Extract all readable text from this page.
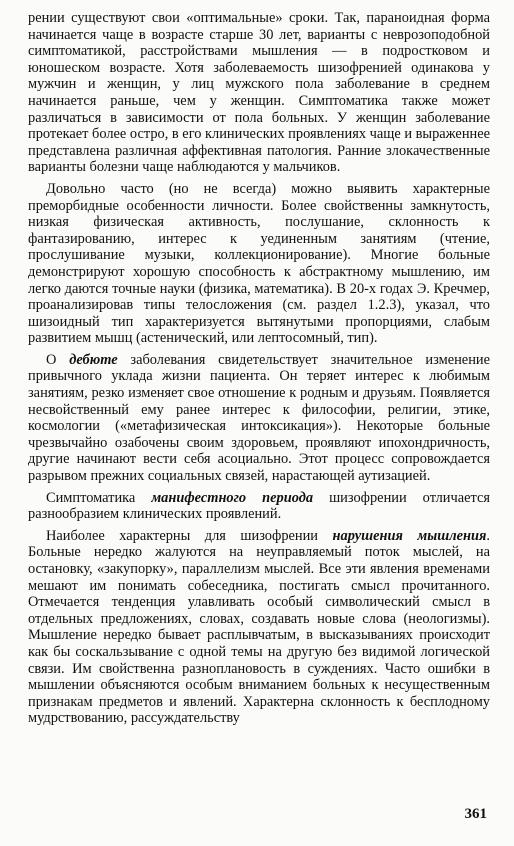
рении существуют свои «оптимальные» сроки. Так, параноидная форма начинается чаще в возрасте старше 30 лет, варианты с неврозоподобной симптоматикой, расстройствами мышления — в подростковом и юношеском возрасте. Хотя заболеваемость шизофренией одинакова у мужчин и женщин, у лиц мужского пола заболевание в среднем начинается раньше, чем у женщин. Симптоматика также может различаться в зависимости от пола больных. У женщин заболевание протекает более остро, в его клинических проявлениях чаще и выраженнее представлена различная аффективная патология. Ранние злокачественные варианты болезни чаще наблюдаются у мальчиков.

Довольно часто (но не всегда) можно выявить характерные преморбидные особенности личности. Более свойственны замкнутость, низкая физическая активность, послушание, склонность к фантазированию, интерес к уединенным занятиям (чтение, прослушивание музыки, коллекционирование). Многие больные демонстрируют хорошую способность к абстрактному мышлению, им легко даются точные науки (физика, математика). В 20-х годах Э. Кречмер, проанализировав типы телосложения (см. раздел 1.2.3), указал, что шизоидный тип характеризуется вытянутыми пропорциями, слабым развитием мышц (астенический, или лептосомный, тип).

О дебюте заболевания свидетельствует значительное изменение привычного уклада жизни пациента. Он теряет интерес к любимым занятиям, резко изменяет свое отношение к родным и друзьям. Появляется несвойственный ему ранее интерес к философии, религии, этике, космологии («метафизическая интоксикация»). Некоторые больные чрезвычайно озабочены своим здоровьем, проявляют ипохондричность, другие начинают вести себя асоциально. Этот процесс сопровождается разрывом прежних социальных связей, нарастающей аутизацией.

Симптоматика манифестного периода шизофрении отличается разнообразием клинических проявлений.

Наиболее характерны для шизофрении нарушения мышления. Больные нередко жалуются на неуправляемый поток мыслей, на остановку, «закупорку», параллелизм мыслей. Все эти явления временами мешают им понимать собеседника, постигать смысл прочитанного. Отмечается тенденция улавливать особый символический смысл в отдельных предложениях, словах, создавать новые слова (неологизмы). Мышление нередко бывает расплывчатым, в высказываниях происходит как бы соскальзывание с одной темы на другую без видимой логической связи. Им свойственна разноплановость в суждениях. Часто ошибки в мышлении объясняются особым вниманием больных к несущественным признакам предметов и явлений. Характерна склонность к бесплодному мудрствованию, рассуждательству

361
